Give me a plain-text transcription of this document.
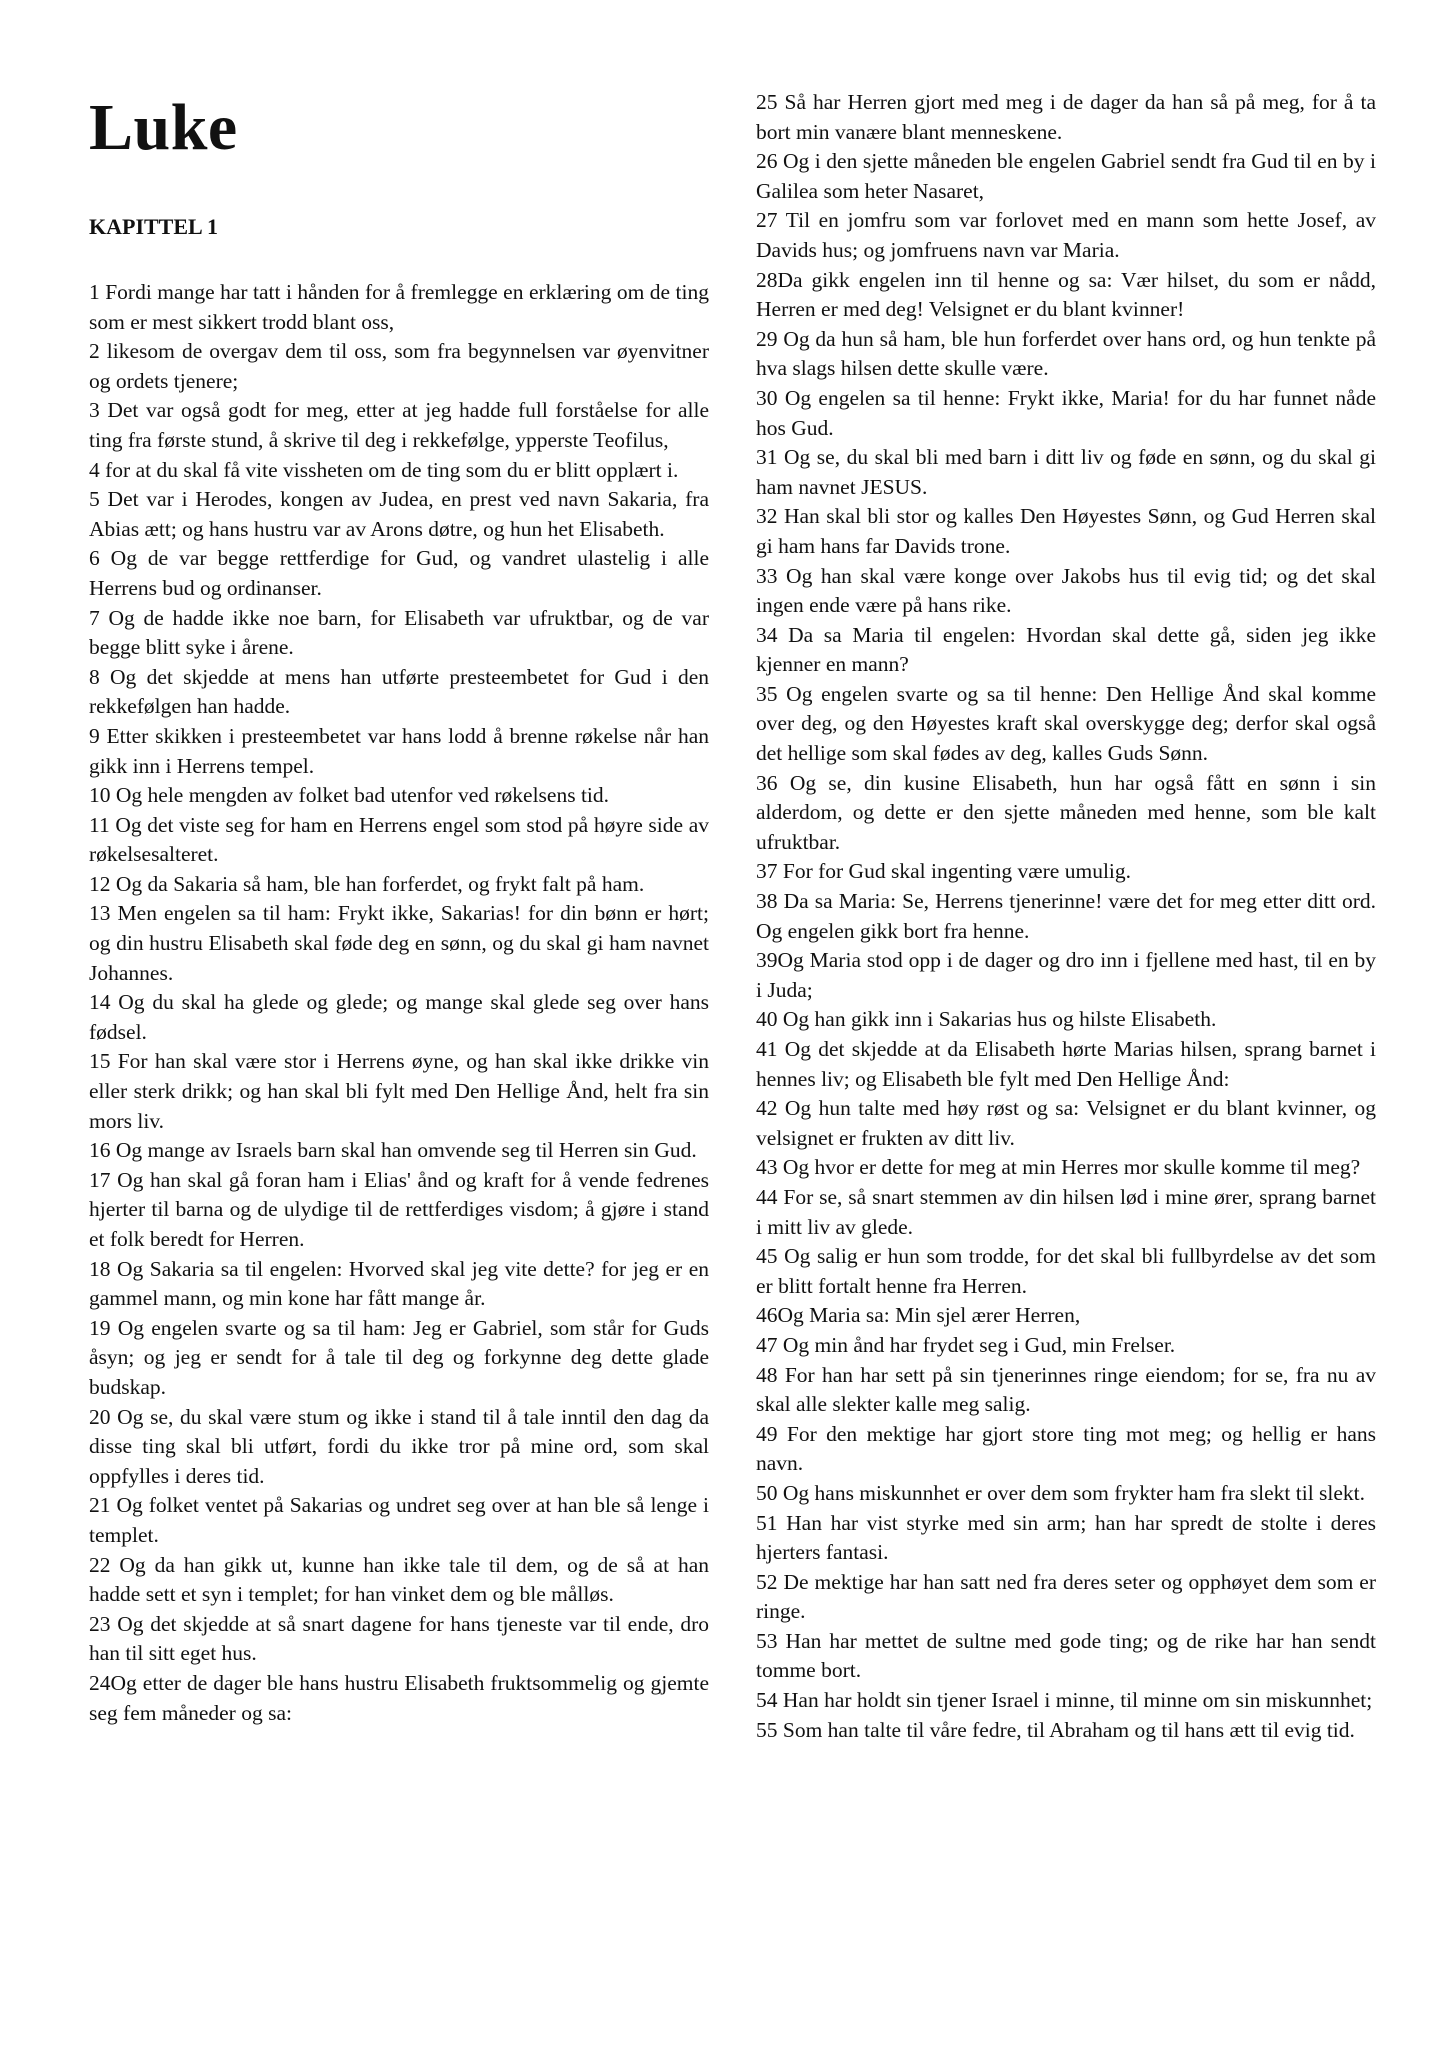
Luke
KAPITTEL 1

1 Fordi mange har tatt i hånden for å fremlegge en erklæring om de ting som er mest sikkert trodd blant oss,

2 likesom de overgav dem til oss, som fra begynnelsen var øyenvitner og ordets tjenere;

3 Det var også godt for meg, etter at jeg hadde full forståelse for alle ting fra første stund, å skrive til deg i rekkefølge, ypperste Teofilus,

4 for at du skal få vite vissheten om de ting som du er blitt opplært i.

5 Det var i Herodes, kongen av Judea, en prest ved navn Sakaria, fra Abias ætt; og hans hustru var av Arons døtre, og hun het Elisabeth.

6 Og de var begge rettferdige for Gud, og vandret ulastelig i alle Herrens bud og ordinanser.

7 Og de hadde ikke noe barn, for Elisabeth var ufruktbar, og de var begge blitt syke i årene.

8 Og det skjedde at mens han utførte presteembetet for Gud i den rekkefølgen han hadde.

9 Etter skikken i presteembetet var hans lodd å brenne røkelse når han gikk inn i Herrens tempel.

10 Og hele mengden av folket bad utenfor ved røkelsens tid.

11 Og det viste seg for ham en Herrens engel som stod på høyre side av røkelsesalteret.

12 Og da Sakaria så ham, ble han forferdet, og frykt falt på ham.

13 Men engelen sa til ham: Frykt ikke, Sakarias! for din bønn er hørt; og din hustru Elisabeth skal føde deg en sønn, og du skal gi ham navnet Johannes.

14 Og du skal ha glede og glede; og mange skal glede seg over hans fødsel.

15 For han skal være stor i Herrens øyne, og han skal ikke drikke vin eller sterk drikk; og han skal bli fylt med Den Hellige Ånd, helt fra sin mors liv.

16 Og mange av Israels barn skal han omvende seg til Herren sin Gud.

17 Og han skal gå foran ham i Elias' ånd og kraft for å vende fedrenes hjerter til barna og de ulydige til de rettferdiges visdom; å gjøre i stand et folk beredt for Herren.

18 Og Sakaria sa til engelen: Hvorved skal jeg vite dette? for jeg er en gammel mann, og min kone har fått mange år.

19 Og engelen svarte og sa til ham: Jeg er Gabriel, som står for Guds åsyn; og jeg er sendt for å tale til deg og forkynne deg dette glade budskap.

20 Og se, du skal være stum og ikke i stand til å tale inntil den dag da disse ting skal bli utført, fordi du ikke tror på mine ord, som skal oppfylles i deres tid.

21 Og folket ventet på Sakarias og undret seg over at han ble så lenge i templet.

22 Og da han gikk ut, kunne han ikke tale til dem, og de så at han hadde sett et syn i templet; for han vinket dem og ble målløs.

23 Og det skjedde at så snart dagene for hans tjeneste var til ende, dro han til sitt eget hus.

24Og etter de dager ble hans hustru Elisabeth fruktsommelig og gjemte seg fem måneder og sa:

25 Så har Herren gjort med meg i de dager da han så på meg, for å ta bort min vanære blant menneskene.

26 Og i den sjette måneden ble engelen Gabriel sendt fra Gud til en by i Galilea som heter Nasaret,

27 Til en jomfru som var forlovet med en mann som hette Josef, av Davids hus; og jomfruens navn var Maria.

28Da gikk engelen inn til henne og sa: Vær hilset, du som er nådd, Herren er med deg! Velsignet er du blant kvinner!

29 Og da hun så ham, ble hun forferdet over hans ord, og hun tenkte på hva slags hilsen dette skulle være.

30 Og engelen sa til henne: Frykt ikke, Maria! for du har funnet nåde hos Gud.

31 Og se, du skal bli med barn i ditt liv og føde en sønn, og du skal gi ham navnet JESUS.

32 Han skal bli stor og kalles Den Høyestes Sønn, og Gud Herren skal gi ham hans far Davids trone.

33 Og han skal være konge over Jakobs hus til evig tid; og det skal ingen ende være på hans rike.

34 Da sa Maria til engelen: Hvordan skal dette gå, siden jeg ikke kjenner en mann?

35 Og engelen svarte og sa til henne: Den Hellige Ånd skal komme over deg, og den Høyestes kraft skal overskygge deg; derfor skal også det hellige som skal fødes av deg, kalles Guds Sønn.

36 Og se, din kusine Elisabeth, hun har også fått en sønn i sin alderdom, og dette er den sjette måneden med henne, som ble kalt ufruktbar.

37 For for Gud skal ingenting være umulig.

38 Da sa Maria: Se, Herrens tjenerinne! være det for meg etter ditt ord. Og engelen gikk bort fra henne.

39Og Maria stod opp i de dager og dro inn i fjellene med hast, til en by i Juda;

40 Og han gikk inn i Sakarias hus og hilste Elisabeth.

41 Og det skjedde at da Elisabeth hørte Marias hilsen, sprang barnet i hennes liv; og Elisabeth ble fylt med Den Hellige Ånd:

42 Og hun talte med høy røst og sa: Velsignet er du blant kvinner, og velsignet er frukten av ditt liv.

43 Og hvor er dette for meg at min Herres mor skulle komme til meg?

44 For se, så snart stemmen av din hilsen lød i mine ører, sprang barnet i mitt liv av glede.

45 Og salig er hun som trodde, for det skal bli fullbyrdelse av det som er blitt fortalt henne fra Herren.

46Og Maria sa: Min sjel ærer Herren,

47 Og min ånd har frydet seg i Gud, min Frelser.

48 For han har sett på sin tjenerinnes ringe eiendom; for se, fra nu av skal alle slekter kalle meg salig.

49 For den mektige har gjort store ting mot meg; og hellig er hans navn.

50 Og hans miskunnhet er over dem som frykter ham fra slekt til slekt.

51 Han har vist styrke med sin arm; han har spredt de stolte i deres hjerters fantasi.

52 De mektige har han satt ned fra deres seter og opphøyet dem som er ringe.

53 Han har mettet de sultne med gode ting; og de rike har han sendt tomme bort.

54 Han har holdt sin tjener Israel i minne, til minne om sin miskunnhet;

55 Som han talte til våre fedre, til Abraham og til hans ætt til evig tid.
